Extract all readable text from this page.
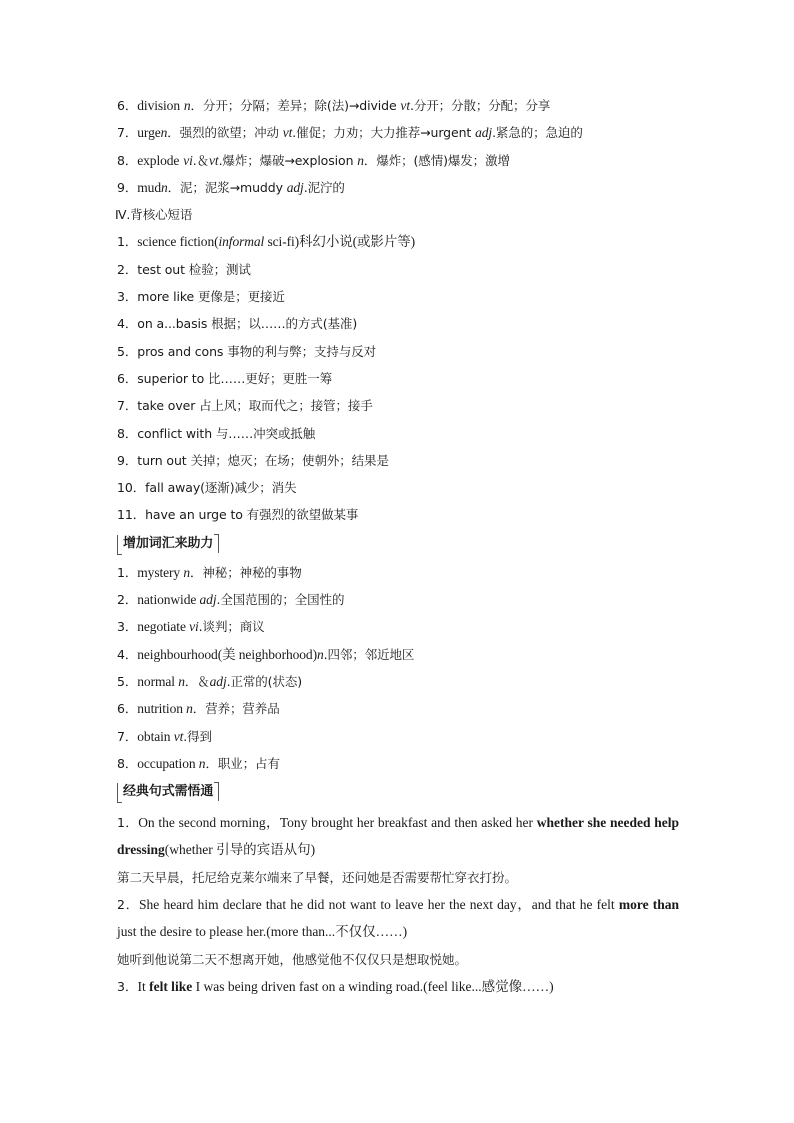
6．division n．分开；分隔；差异；除(法)→divide vt.分开；分散；分配；分享
7．urgen．强烈的欲望；冲动 vt.催促；力劝；大力推荐→urgent adj.紧急的；急迫的
8．explode vi.＆vt.爆炸；爆破→explosion n．爆炸；(感情)爆发；激增
9．mudn．泥；泥浆→muddy adj.泥泞的
Ⅳ.背核心短语
1．science fiction(informal sci-fi)科幻小说(或影片等)
2．test out 检验；测试
3．more like 更像是；更接近
4．on a...basis 根据；以……的方式(基准)
5．pros and cons 事物的利与弊；支持与反对
6．superior to 比……更好；更胜一筹
7．take over 占上风；取而代之；接管；接手
8．conflict with 与……冲突或抵触
9．turn out 关掉；熄灭；在场；使朝外；结果是
10．fall away(逐渐)减少；消失
11．have an urge to 有强烈的欲望做某事
增加词汇来助力
1．mystery n．神秘；神秘的事物
2．nationwide adj.全国范围的；全国性的
3．negotiate vi.谈判；商议
4．neighbourhood(美 neighborhood)n.四邻；邻近地区
5．normal n．＆adj.正常的(状态)
6．nutrition n．营养；营养品
7．obtain vt.得到
8．occupation n．职业；占有
经典句式需悟通
1．On the second morning，Tony brought her breakfast and then asked her whether she needed help dressing(whether 引导的宾语从句)
第二天早晨，托尼给克莱尔端来了早餐，还问她是否需要帮忙穿衣打扮。
2．She heard him declare that he did not want to leave her the next day，and that he felt more than just the desire to please her.(more than...不仅仅……)
她听到他说第二天不想离开她，他感觉他不仅仅只是想取悦她。
3．It felt like I was being driven fast on a winding road.(feel like...感觉像……)
